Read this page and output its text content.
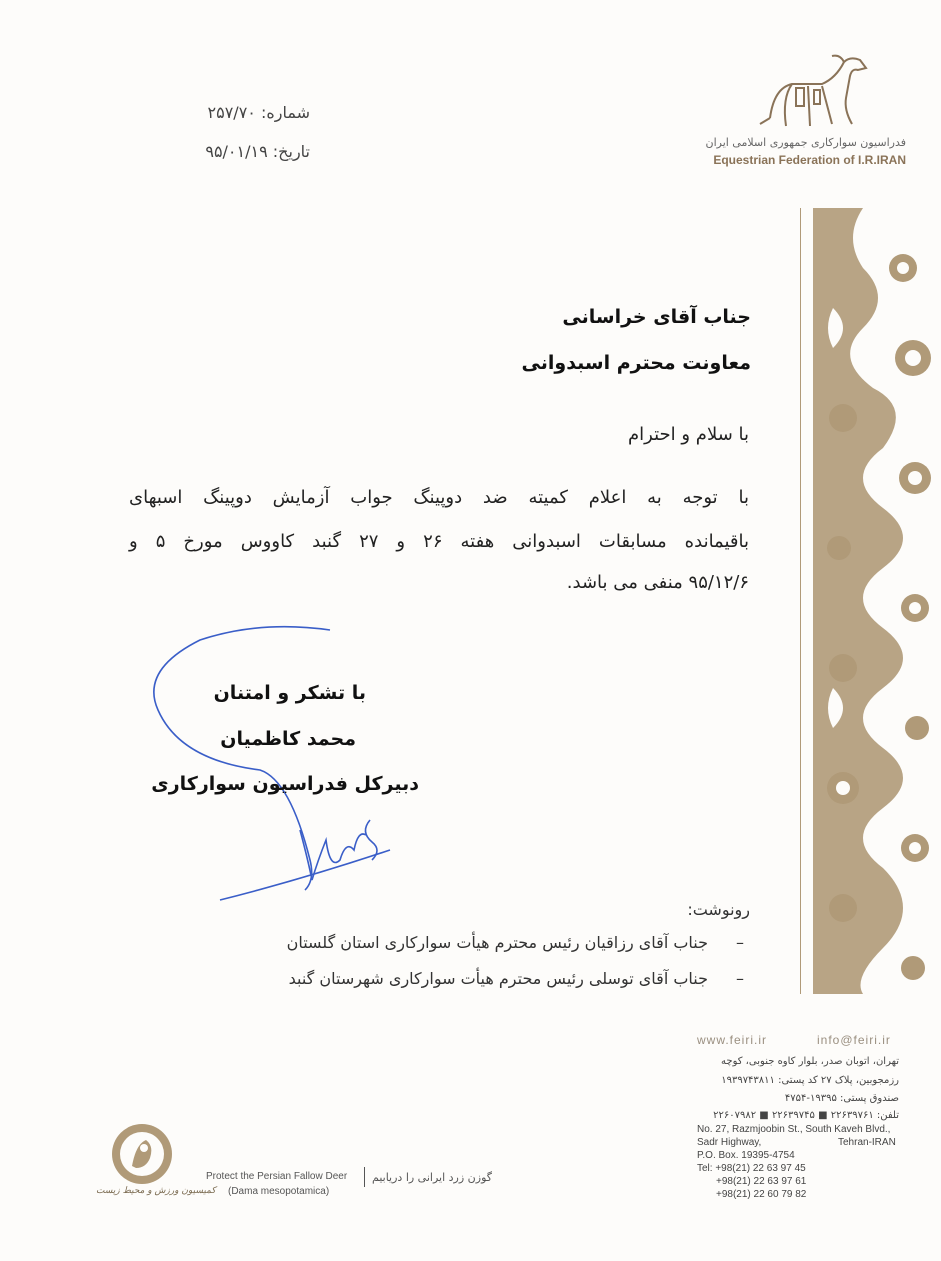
شماره: ۲۵۷/۷۰
تاریخ: ۹۵/۰۱/۱۹	فدراسیون سوارکاری جمهوری اسلامی ایران
Equestrian Federation of I.R.IRAN
جناب آقای خراسانی
معاونت محترم اسبدوانی
با سلام و احترام
با توجه به اعلام کمیته ضد دوپینگ جواب آزمایش دوپینگ اسبهای
باقیمانده مسابقات اسبدوانی هفته ۲۶ و ۲۷ گنبد کاووس مورخ ۵ و
۹۵/۱۲/۶ منفی می باشد.
با تشکر و امتنان
محمد کاظمیان
دبیرکل فدراسیون سوارکاری
رونوشت:
–جناب آقای رزاقیان رئیس محترم هیأت سوارکاری استان گلستان
–جناب آقای توسلی رئیس محترم هیأت سوارکاری شهرستان گنبد
www.feiri.ir	info@feiri.ir
تهران، اتوبان صدر، بلوار کاوه جنوبی، کوچه
رزمجوبین، پلاک ۲۷ کد پستی: ۱۹۳۹۷۴۳۸۱۱
صندوق پستی: ۱۹۳۹۵-۴۷۵۴
تلفن: ۲۲۶۳۹۷۶۱ ■ ۲۲۶۳۹۷۴۵ ■ ۲۲۶۰۷۹۸۲
No. 27, Razmjoobin St., South Kaveh Blvd.,
Sadr Highway,	Tehran-IRAN
P.O. Box. 19395-4754
Tel: +98(21) 22 63 97 45
+98(21) 22 63 97 61
+98(21) 22 60 79 82
کمیسیون ورزش و محیط زیست
گوزن زرد ایرانی را دریابیم
Protect the Persian Fallow Deer
(Dama mesopotamica)
